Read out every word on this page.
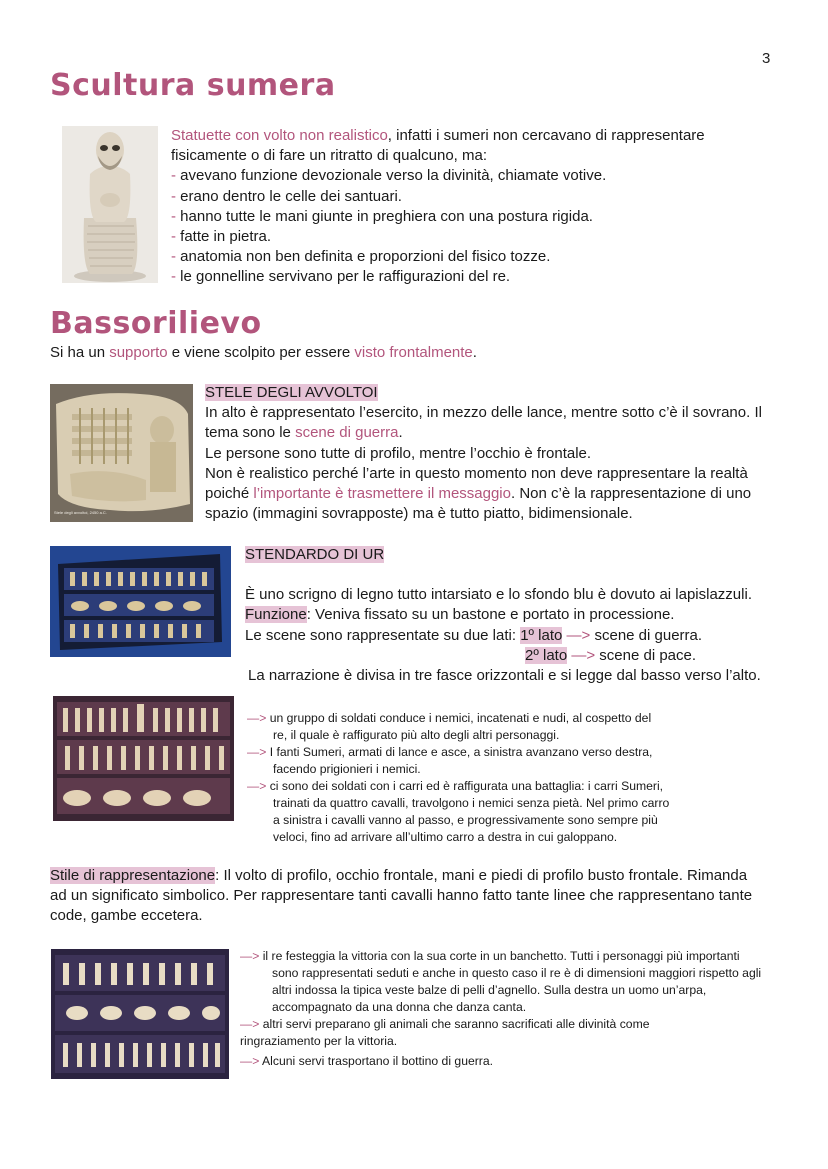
3
Scultura sumera
Statuette con volto non realistico, infatti i sumeri non cercavano di rappresentare
fisicamente o di fare un ritratto di qualcuno, ma:
- avevano funzione devozionale verso la divinità, chiamate votive.
- erano dentro le celle dei santuari.
- hanno tutte le mani giunte in preghiera con una postura rigida.
- fatte in pietra.
- anatomia non ben definita e proporzioni del fisico tozze.
- le gonnelline servivano per le raffigurazioni del re.
Bassorilievo
Si ha un supporto e viene scolpito per essere visto frontalmente.
Stele degli avvoltoi, 2450 a.C.
STELE DEGLI AVVOLTOI
In alto è rappresentato l’esercito, in mezzo delle lance, mentre sotto c’è il sovrano. Il
tema sono le scene di guerra.
Le persone sono tutte di profilo, mentre l’occhio è frontale.
Non è realistico perché l’arte in questo momento non deve rappresentare la realtà
poiché l’importante è trasmettere il messaggio. Non c’è la rappresentazione di uno
spazio (immagini sovrapposte) ma è tutto piatto, bidimensionale.
STENDARDO DI UR
È uno scrigno di legno tutto intarsiato e lo sfondo blu è dovuto ai lapislazzuli.
Funzione: Veniva fissato su un bastone e portato in processione.
Le scene sono rappresentate su due lati: 1º lato —> scene di guerra.
2º lato —> scene di pace.
La narrazione è divisa in tre fasce orizzontali e si legge dal basso verso l’alto.
—> un gruppo di soldati conduce i nemici, incatenati e nudi, al cospetto del
re, il quale è raffigurato più alto degli altri personaggi.
—> I fanti Sumeri, armati di lance e asce, a sinistra avanzano verso destra,
facendo prigionieri i nemici.
—> ci sono dei soldati con i carri ed è raffigurata una battaglia: i carri Sumeri,
trainati da quattro cavalli, travolgono i nemici senza pietà. Nel primo carro
a sinistra i cavalli vanno al passo, e progressivamente sono sempre più
veloci, fino ad arrivare all’ultimo carro a destra in cui galoppano.
Stile di rappresentazione: Il volto di profilo, occhio frontale, mani e piedi di profilo busto frontale. Rimanda
ad un significato simbolico. Per rappresentare tanti cavalli hanno fatto tante linee che rappresentano tante
code, gambe eccetera.
—> il re festeggia la vittoria con la sua corte in un banchetto. Tutti i personaggi più importanti
sono rappresentati seduti e anche in questo caso il re è di dimensioni maggiori rispetto agli
altri indossa la tipica veste balze di pelli d’agnello. Sulla destra un uomo un’arpa,
accompagnato da una donna che danza canta.
—> altri servi preparano gli animali che saranno sacrificati alle divinità come
ringraziamento per la vittoria.
—> Alcuni servi trasportano il bottino di guerra.
